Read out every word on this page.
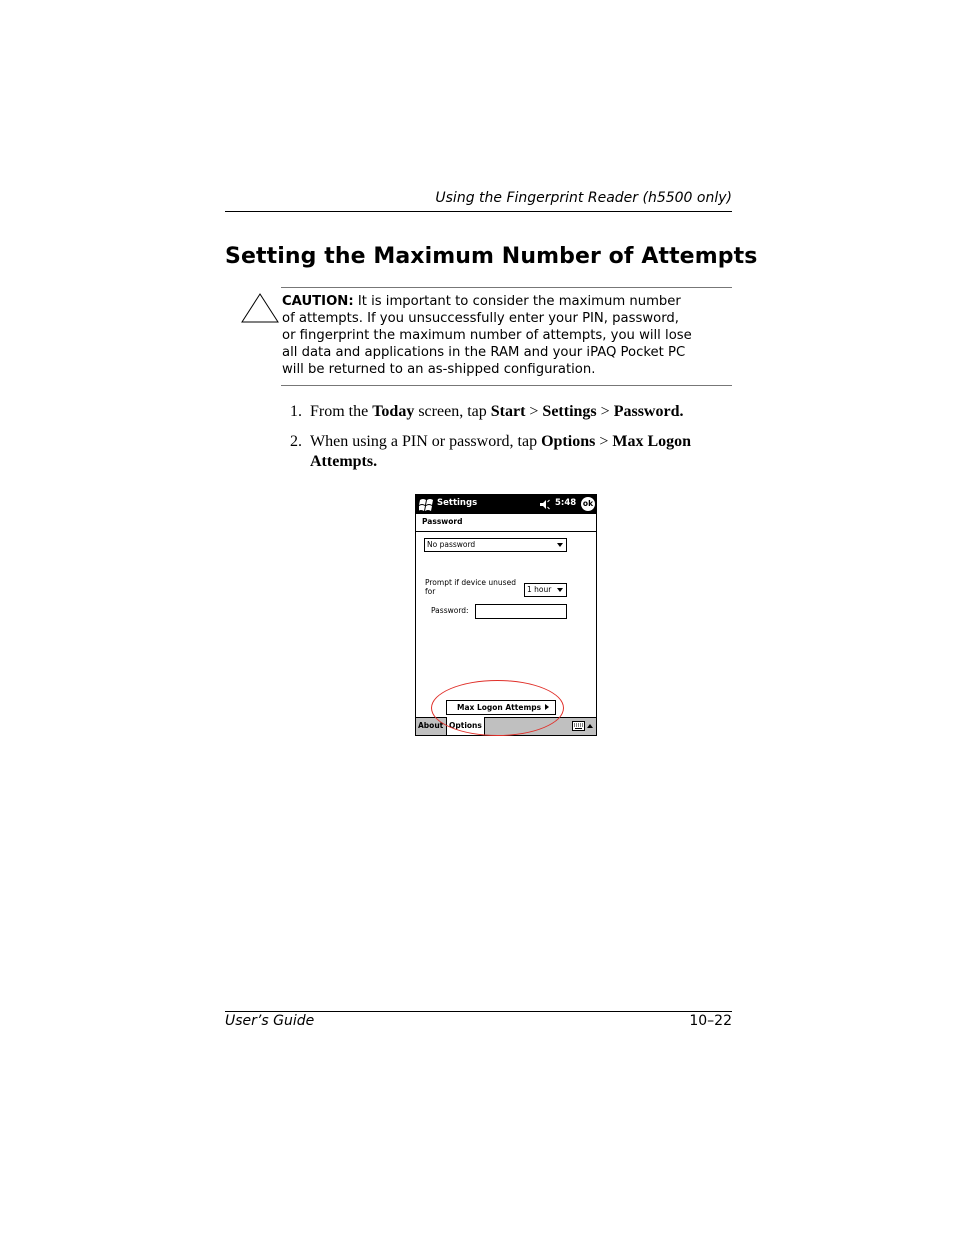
Using the Fingerprint Reader (h5500 only)
Setting the Maximum Number of Attempts
CAUTION: It is important to consider the maximum number of attempts. If you unsuccessfully enter your PIN, password, or fingerprint the maximum number of attempts, you will lose all data and applications in the RAM and your iPAQ Pocket PC will be returned to an as-shipped configuration.
1. From the Today screen, tap Start > Settings > Password.
2. When using a PIN or password, tap Options > Max Logon Attempts.
Settings	5:48 ok
Password
No password
Prompt if device unused
for	1 hour
Password:
Max Logon Attemps
About Options
User’s Guide	10–22
